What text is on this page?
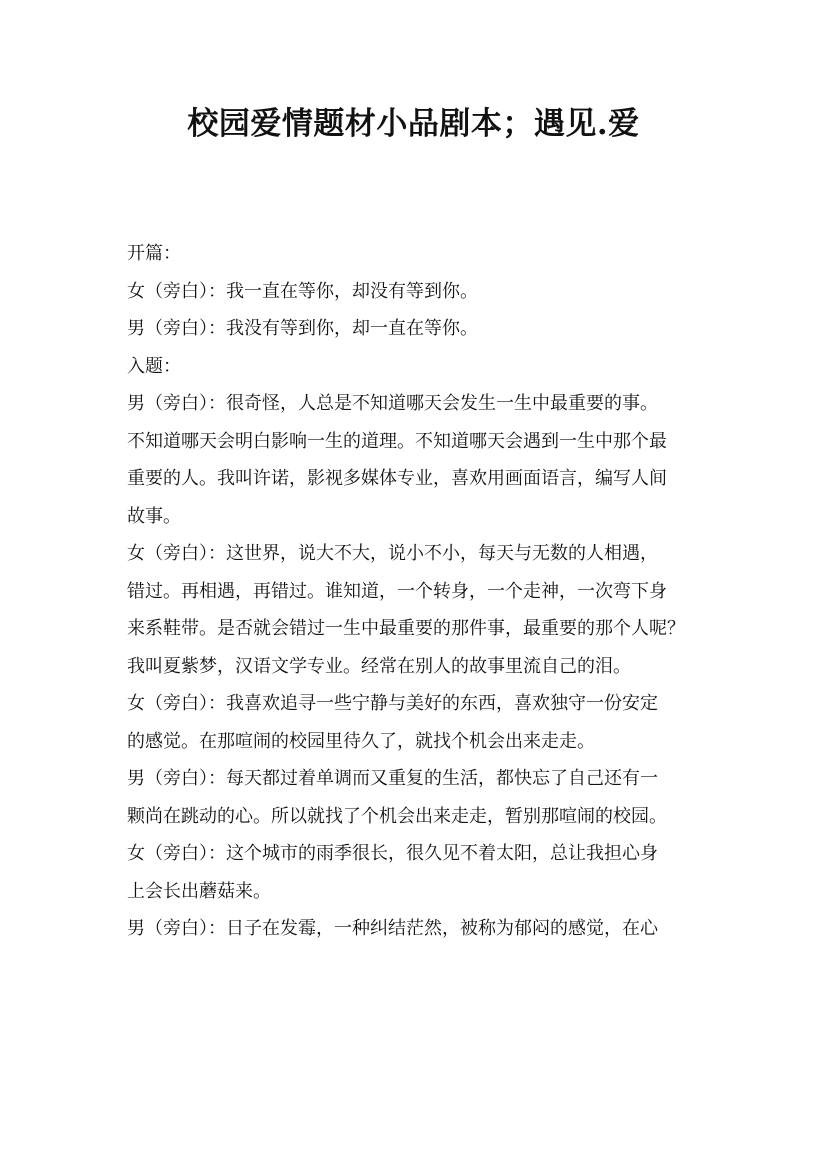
校园爱情题材小品剧本；遇见.爱

开篇：

女（旁白）：我一直在等你，却没有等到你。

男（旁白）：我没有等到你，却一直在等你。

入题：

男（旁白）：很奇怪，人总是不知道哪天会发生一生中最重要的事。
不知道哪天会明白影响一生的道理。不知道哪天会遇到一生中那个最
重要的人。我叫许诺，影视多媒体专业，喜欢用画面语言，编写人间
故事。

女（旁白）：这世界，说大不大，说小不小，每天与无数的人相遇，
错过。再相遇，再错过。谁知道，一个转身，一个走神，一次弯下身
来系鞋带。是否就会错过一生中最重要的那件事，最重要的那个人呢？
我叫夏紫梦，汉语文学专业。经常在别人的故事里流自己的泪。

女（旁白）：我喜欢追寻一些宁静与美好的东西，喜欢独守一份安定
的感觉。在那喧闹的校园里待久了，就找个机会出来走走。

男（旁白）：每天都过着单调而又重复的生活，都快忘了自己还有一
颗尚在跳动的心。所以就找了个机会出来走走，暂别那喧闹的校园。

女（旁白）：这个城市的雨季很长，很久见不着太阳，总让我担心身
上会长出蘑菇来。

男（旁白）：日子在发霉，一种纠结茫然，被称为郁闷的感觉，在心
